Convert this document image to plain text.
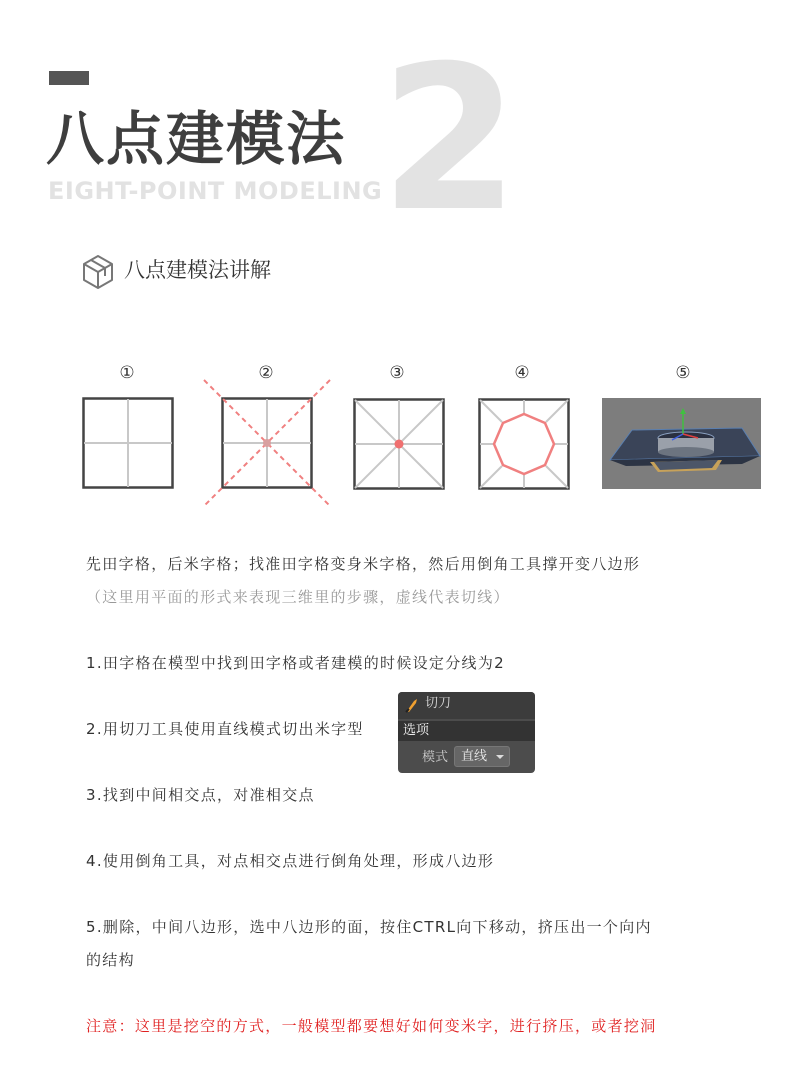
2
八点建模法
EIGHT-POINT MODELING
八点建模法讲解
①	②	③	④	⑤
先田字格，后米字格；找准田字格变身米字格，然后用倒角工具撑开变八边形
（这里用平面的形式来表现三维里的步骤，虚线代表切线）
1.田字格在模型中找到田字格或者建模的时候设定分线为2
2.用切刀工具使用直线模式切出米字型
3.找到中间相交点，对准相交点
4.使用倒角工具，对点相交点进行倒角处理，形成八边形
5.删除，中间八边形，选中八边形的面，按住CTRL向下移动，挤压出一个向内
的结构
切刀
选项
模式 直线
注意：这里是挖空的方式，一般模型都要想好如何变米字，进行挤压，或者挖洞
